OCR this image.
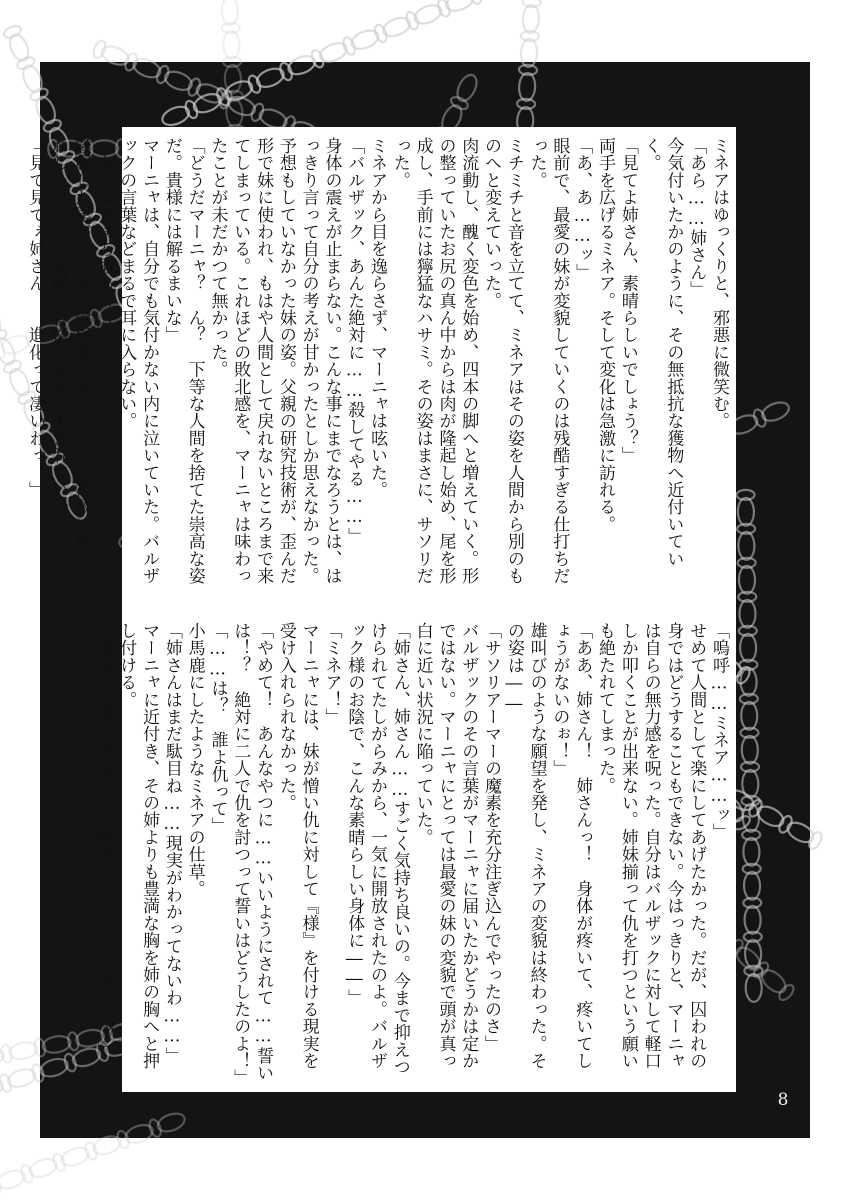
ミネアはゆっくりと、邪悪に微笑む。

「あら……姉さん」

今気付いたかのように、その無抵抗な獲物へ近付いていく。

「見てよ姉さん、素晴らしいでしょう？」

両手を広げるミネア。そして変化は急激に訪れる。

「あ、あ……ッ」

眼前で、最愛の妹が変貌していくのは残酷すぎる仕打ちだった。

ミチミチと音を立てて、ミネアはその姿を人間から別のものへと変えていった。

肉流動し、醜く変色を始め、四本の脚へと増えていく。形の整っていたお尻の真ん中からは肉が隆起し始め、尾を形成し、手前には獰猛なハサミ。その姿はまさに、サソリだった。

ミネアから目を逸らさず、マーニャは呟いた。

「バルザック、あんた絶対に……殺してやる……」

身体の震えが止まらない。こんな事にまでなろうとは、はっきり言って自分の考えが甘かったとしか思えなかった。予想もしていなかった妹の姿。父親の研究技術が、歪んだ形で妹に使われ、もはや人間として戻れないところまで来てしまっている。これほどの敗北感を、マーニャは味わったことが未だかつて無かった。

「どうだマーニャ？　ん？　下等な人間を捨てた崇高な姿だ。貴様には解るまいな」

マーニャは、自分でも気付かない内に泣いていた。バルザックの言葉などまるで耳に入らない。

「あっはぁぁあああ！！」

隆起した尾が、次第に骨格を形成していく。複数に枝分かれした足にも、同様の骨格が表面に生まれていった。

「見て見てぇ姉さん！　進化って凄いわっ！」

「嗚呼……ミネア……ッ」

せめて人間として楽にしてあげたかった。だが、囚われの身ではどうすることもできない。今はっきりと、マーニャは自らの無力感を呪った。自分はバルザックに対して軽口しか叩くことが出来ない。姉妹揃って仇を打つという願いも絶たれてしまった。

「ああ、姉さん！　姉さんっ！　身体が疼いて、疼いてしょうがないのぉ！」

雄叫びのような願望を発し、ミネアの変貌は終わった。その姿は――

「サソリアーマーの魔素を充分注ぎ込んでやったのさ」

バルザックのその言葉がマーニャに届いたかどうかは定かではない。マーニャにとっては最愛の妹の変貌で頭が真っ白に近い状況に陥っていた。

「姉さん、姉さん……すごく気持ち良いの。今まで抑えつけられてたしがらみから、一気に開放されたのよ。バルザック様のお陰で、こんな素晴らしい身体に――」

「ミネア！」

マーニャには、妹が憎い仇に対して『様』を付ける現実を受け入れられなかった。

「やめて！　あんなやつに……いいようにされて……誓いは！？　絶対に二人で仇を討つって誓いはどうしたのよ！」

「……は？　誰よ仇って」

小馬鹿にしたようなミネアの仕草。

「姉さんはまだ駄目ね……現実がわかってないわ……」

マーニャに近付き、その姉よりも豊満な胸を姉の胸へと押し付ける。

「あなたも進化するのよ、姉さん……いえ、マーニャ」

8
